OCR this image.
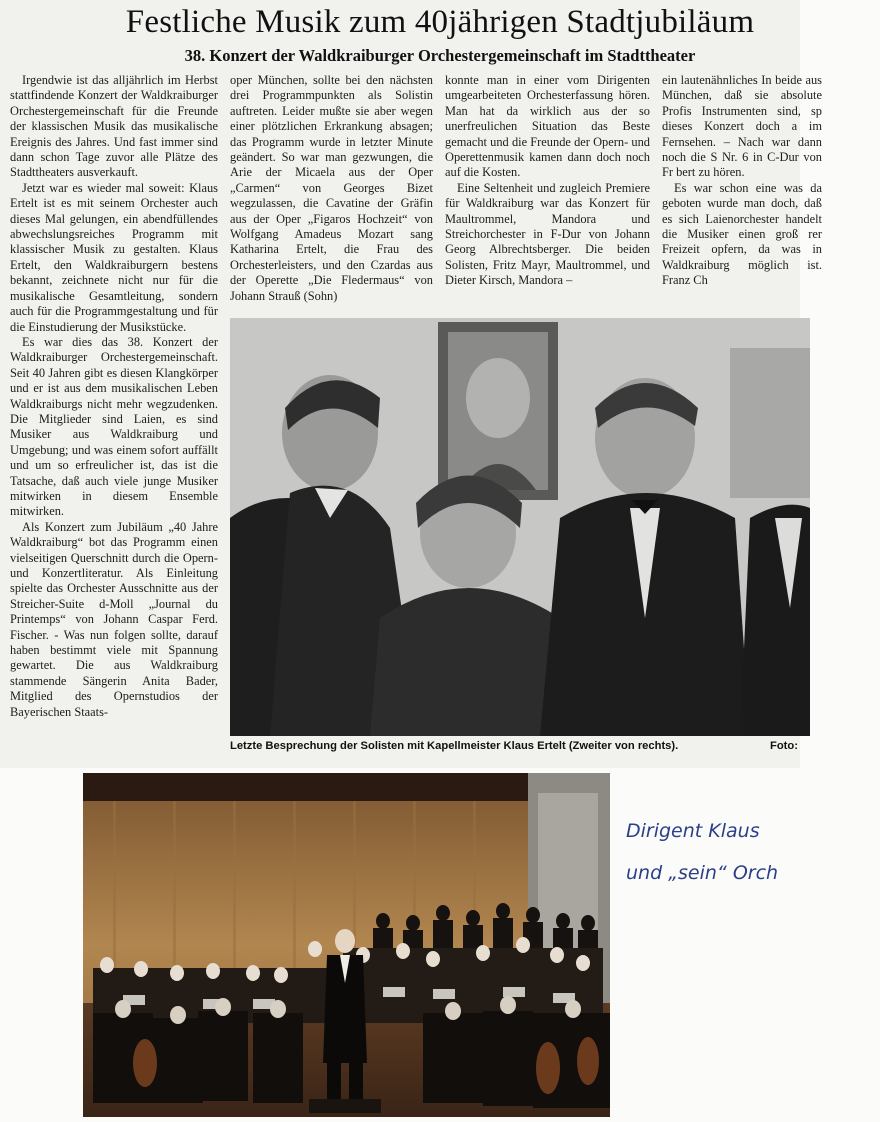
Festliche Musik zum 40jährigen Stadtjubiläum
38. Konzert der Waldkraiburger Orchestergemeinschaft im Stadttheater

Irgendwie ist das alljährlich im Herbst stattfindende Konzert der Waldkraiburger Orchestergemeinschaft für die Freunde der klassischen Musik das musikalische Ereignis des Jahres. Und fast immer sind dann schon Tage zuvor alle Plätze des Stadttheaters ausverkauft.

Jetzt war es wieder mal soweit: Klaus Ertelt ist es mit seinem Orchester auch dieses Mal gelungen, ein abendfüllendes abwechslungsreiches Programm mit klassischer Musik zu gestalten. Klaus Ertelt, den Waldkraiburgern bestens bekannt, zeichnete nicht nur für die musikalische Gesamtleitung, sondern auch für die Programmgestaltung und für die Einstudierung der Musikstücke.

Es war dies das 38. Konzert der Waldkraiburger Orchestergemeinschaft. Seit 40 Jahren gibt es diesen Klangkörper und er ist aus dem musikalischen Leben Waldkraiburgs nicht mehr wegzudenken. Die Mitglieder sind Laien, es sind Musiker aus Waldkraiburg und Umgebung; und was einem sofort auffällt und um so erfreulicher ist, das ist die Tatsache, daß auch viele junge Musiker mitwirken in diesem Ensemble mitwirken.

Als Konzert zum Jubiläum „40 Jahre Waldkraiburg“ bot das Programm einen vielseitigen Querschnitt durch die Opern- und Konzertliteratur. Als Einleitung spielte das Orchester Ausschnitte aus der Streicher-Suite d-Moll „Journal du Printemps“ von Johann Caspar Ferd. Fischer. - Was nun folgen sollte, darauf haben bestimmt viele mit Spannung gewartet. Die aus Waldkraiburg stammende Sängerin Anita Bader, Mitglied des Opernstudios der Bayerischen Staats-

oper München, sollte bei den nächsten drei Programmpunkten als Solistin auftreten. Leider mußte sie aber wegen einer plötzlichen Erkrankung absagen; das Programm wurde in letzter Minute geändert. So war man gezwungen, die Arie der Micaela aus der Oper „Carmen“ von Georges Bizet wegzulassen, die Cavatine der Gräfin aus der Oper „Figaros Hochzeit“ von Wolfgang Amadeus Mozart sang Katharina Ertelt, die Frau des Orchesterleisters, und den Czardas aus der Operette „Die Fledermaus“ von Johann Strauß (Sohn)

konnte man in einer vom Dirigenten umgearbeiteten Orchesterfassung hören. Man hat da wirklich aus der so unerfreulichen Situation das Beste gemacht und die Freunde der Opern- und Operettenmusik kamen dann doch noch auf die Kosten.

Eine Seltenheit und zugleich Premiere für Waldkraiburg war das Konzert für Maultrommel, Mandora und Streichorchester in F-Dur von Johann Georg Albrechtsberger. Die beiden Solisten, Fritz Mayr, Maultrommel, und Dieter Kirsch, Mandora –

ein lautenähnliches In beide aus München, daß sie absolute Profis Instrumenten sind, sp dieses Konzert doch a im Fernsehen. – Nach war dann noch die S Nr. 6 in C-Dur von Fr bert zu hören.

Es war schon eine was da geboten wurde man doch, daß es sich Laienorchester handelt die Musiker einen groß rer Freizeit opfern, da was in Waldkraiburg möglich ist. Franz Ch

Letzte Besprechung der Solisten mit Kapellmeister Klaus Ertelt (Zweiter von rechts).	Foto:
Dirigent Klaus
und „sein“ Orch
